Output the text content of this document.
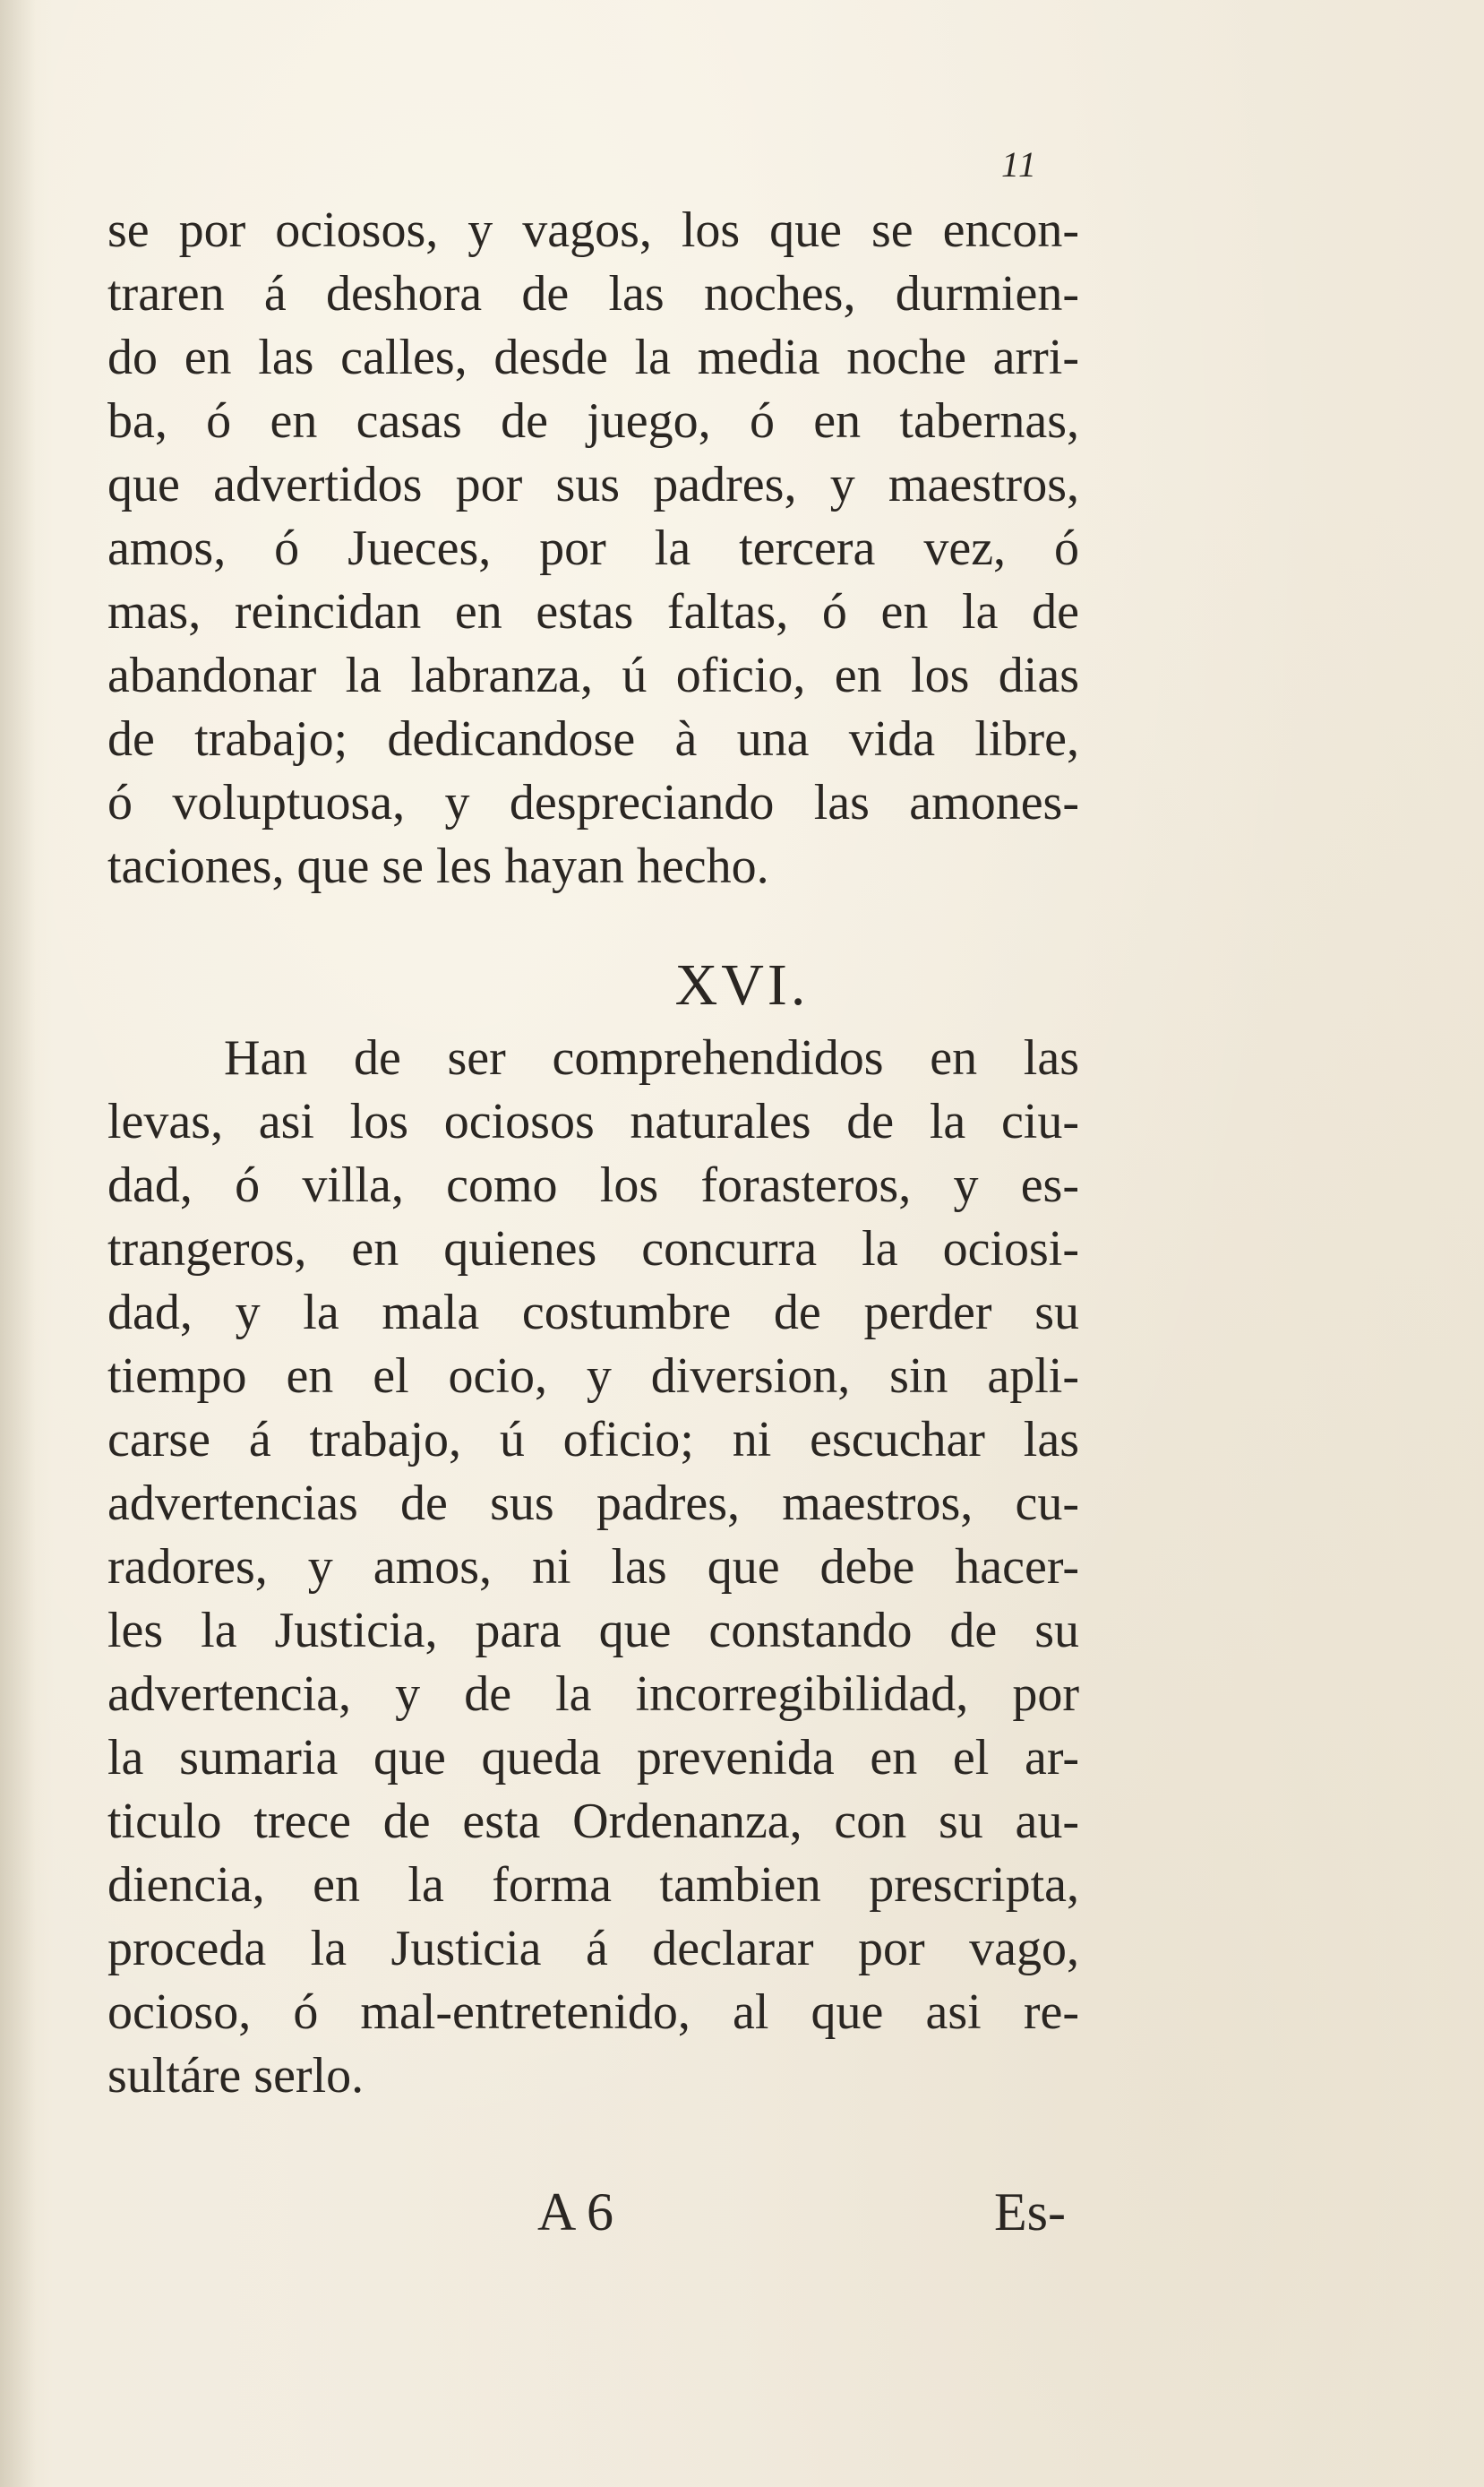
11
se por ociosos, y vagos, los que se encon-
traren á deshora de las noches, durmien-
do en las calles, desde la media noche arri-
ba, ó en casas de juego, ó en tabernas,
que advertidos por sus padres, y maestros,
amos, ó Jueces, por la tercera vez, ó
mas, reincidan en estas faltas, ó en la de
abandonar la labranza, ú oficio, en los dias
de trabajo; dedicandose à una vida libre,
ó voluptuosa, y despreciando las amones-
taciones, que se les hayan hecho.
XVI.
Han de ser comprehendidos en las
levas, asi los ociosos naturales de la ciu-
dad, ó villa, como los forasteros, y es-
trangeros, en quienes concurra la ociosi-
dad, y la mala costumbre de perder su
tiempo en el ocio, y diversion, sin apli-
carse á trabajo, ú oficio; ni escuchar las
advertencias de sus padres, maestros, cu-
radores, y amos, ni las que debe hacer-
les la Justicia, para que constando de su
advertencia, y de la incorregibilidad, por
la sumaria que queda prevenida en el ar-
ticulo trece de esta Ordenanza, con su au-
diencia, en la forma tambien prescripta,
proceda la Justicia á declarar por vago,
ocioso, ó mal-entretenido, al que asi re-
sultáre serlo.
A 6	Es-
